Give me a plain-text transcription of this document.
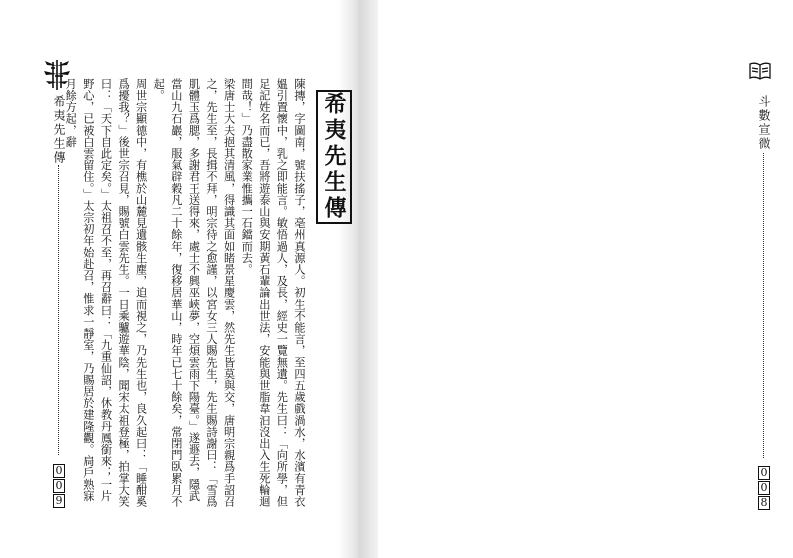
希夷先生傳
0
0
9
斗數宣微
0
0
8
希夷先生傳

陳摶，字圖南，號扶搖子，亳州真源人。初生不能言，至四五歲戲渦水，水濱有青衣媼引置懷中，乳之即能言。敏悟過人，及長，經史一覽無遺。先生曰：「向所學，但足記姓名而已，吾將遊泰山與安期黃石輩論出世法，安能與世脂韋汩沒出入生死輪迴間哉！」乃盡散家業惟攜一石鐺而去。

梁唐士大夫挹其清風，得識其面如睹景星慶雲，然先生皆莫與交，唐明宗親爲手詔召之，先生至，長揖不拜，明宗待之愈謹，以宮女三人賜先生，先生賜詩謝曰：「雪爲肌體玉爲腮，多謝君王送得來，處士不興巫峽夢，空煩雲雨下陽臺。」遂遯去，隱武當山九石巖，服氣辟穀凡二十餘年，復移居華山，時年已七十餘矣，常閉門臥累月不起。

周世宗顯德中，有樵於山麓見遺骸生塵，迫而視之，乃先生也，良久起曰：「睡酣奚爲擾我？」後世宗召見，賜號白雲先生。一日乘驢遊華陰，聞宋太祖登極，拍掌大笑曰：「天下自此定矣。」太祖召不至，再召辭曰：「九重仙詔，休教丹鳳銜來；一片野心，已被白雲留住。」太宗初年始赴召，惟求一靜室，乃賜居於建隆觀。扃戶熟寐月餘方起，辭
